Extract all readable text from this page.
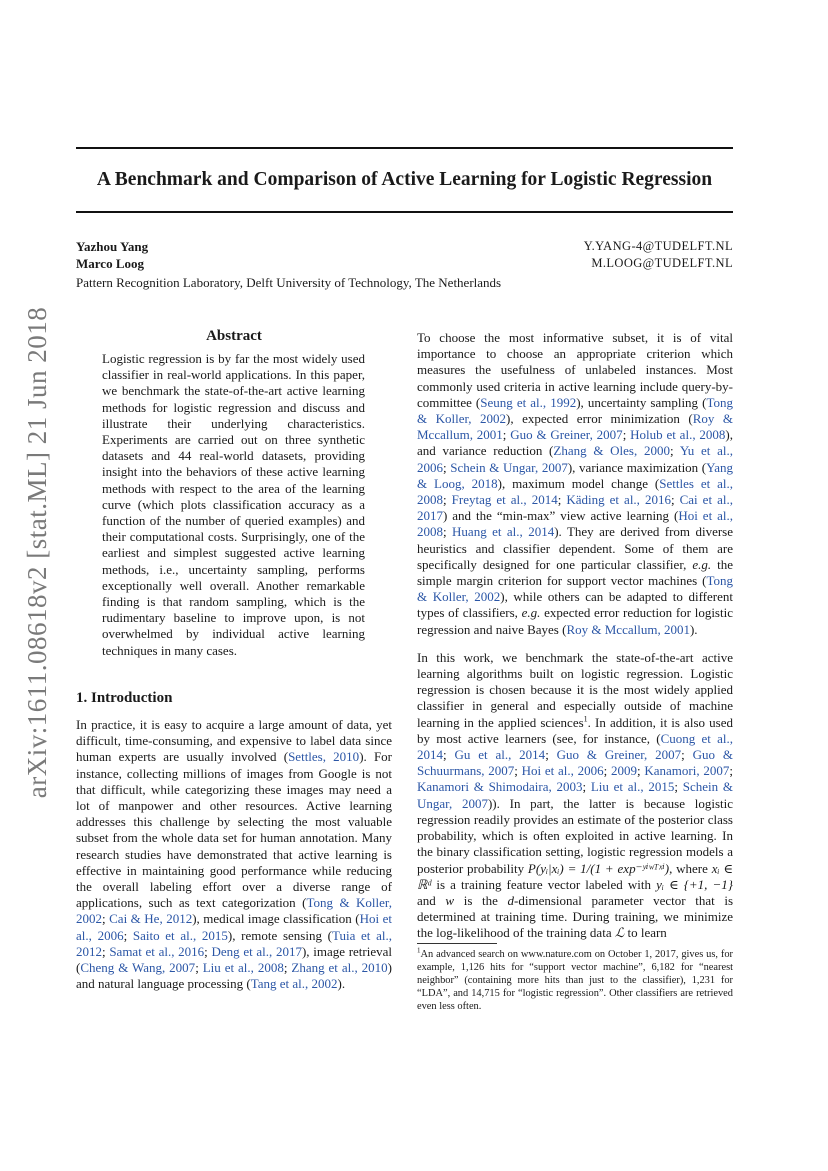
A Benchmark and Comparison of Active Learning for Logistic Regression
Yazhou Yang	Y.YANG-4@TUDELFT.NL
Marco Loog	M.LOOG@TUDELFT.NL
Pattern Recognition Laboratory, Delft University of Technology, The Netherlands
arXiv:1611.08618v2 [stat.ML] 21 Jun 2018	Abstract

Logistic regression is by far the most widely used classifier in real-world applications. In this paper, we benchmark the state-of-the-art active learning methods for logistic regression and discuss and illustrate their underlying characteristics. Experiments are carried out on three synthetic datasets and 44 real-world datasets, providing insight into the behaviors of these active learning methods with respect to the area of the learning curve (which plots classification accuracy as a function of the number of queried examples) and their computational costs. Surprisingly, one of the earliest and simplest suggested active learning methods, i.e., uncertainty sampling, performs exceptionally well overall. Another remarkable finding is that random sampling, which is the rudimentary baseline to improve upon, is not overwhelmed by individual active learning techniques in many cases.

1. Introduction

In practice, it is easy to acquire a large amount of data, yet difficult, time-consuming, and expensive to label data since human experts are usually involved (Settles, 2010). For instance, collecting millions of images from Google is not that difficult, while categorizing these images may need a lot of manpower and other resources. Active learning addresses this challenge by selecting the most valuable subset from the whole data set for human annotation. Many research studies have demonstrated that active learning is effective in maintaining good performance while reducing the overall labeling effort over a diverse range of applications, such as text categorization (Tong & Koller, 2002; Cai & He, 2012), medical image classification (Hoi et al., 2006; Saito et al., 2015), remote sensing (Tuia et al., 2012; Samat et al., 2016; Deng et al., 2017), image retrieval (Cheng & Wang, 2007; Liu et al., 2008; Zhang et al., 2010) and natural language processing (Tang et al., 2002).

To choose the most informative subset, it is of vital importance to choose an appropriate criterion which measures the usefulness of unlabeled instances. Most commonly used criteria in active learning include query-by-committee (Seung et al., 1992), uncertainty sampling (Tong & Koller, 2002), expected error minimization (Roy & Mccallum, 2001; Guo & Greiner, 2007; Holub et al., 2008), and variance reduction (Zhang & Oles, 2000; Yu et al., 2006; Schein & Ungar, 2007), variance maximization (Yang & Loog, 2018), maximum model change (Settles et al., 2008; Freytag et al., 2014; Käding et al., 2016; Cai et al., 2017) and the “min-max” view active learning (Hoi et al., 2008; Huang et al., 2014). They are derived from diverse heuristics and classifier dependent. Some of them are specifically designed for one particular classifier, e.g. the simple margin criterion for support vector machines (Tong & Koller, 2002), while others can be adapted to different types of classifiers, e.g. expected error reduction for logistic regression and naive Bayes (Roy & Mccallum, 2001).

In this work, we benchmark the state-of-the-art active learning algorithms built on logistic regression. Logistic regression is chosen because it is the most widely applied classifier in general and especially outside of machine learning in the applied sciences$^1$. In addition, it is also used by most active learners (see, for instance, (Cuong et al., 2014; Gu et al., 2014; Guo & Greiner, 2007; Guo & Schuurmans, 2007; Hoi et al., 2006; 2009; Kanamori, 2007; Kanamori & Shimodaira, 2003; Liu et al., 2015; Schein & Ungar, 2007)). In part, the latter is because logistic regression readily provides an estimate of the posterior class probability, which is often exploited in active learning. In the binary classification setting, logistic regression models a posterior probability P(yᵢ|xᵢ) = 1/(1 + exp⁻ʸⁱʷᵀˣⁱ), where xᵢ ∈ ℝᵈ is a training feature vector labeled with yᵢ ∈ {+1, −1} and w is the d-dimensional parameter vector that is determined at training time. During training, we minimize the log-likelihood of the training data ℒ to learn

$^1$An advanced search on www.nature.com on October 1, 2017, gives us, for example, 1,126 hits for “support vector machine”, 6,182 for “nearest neighbor” (containing more hits than just to the classifier), 1,231 for “LDA”, and 14,715 for “logistic regression”. Other classifiers are retrieved even less often.
